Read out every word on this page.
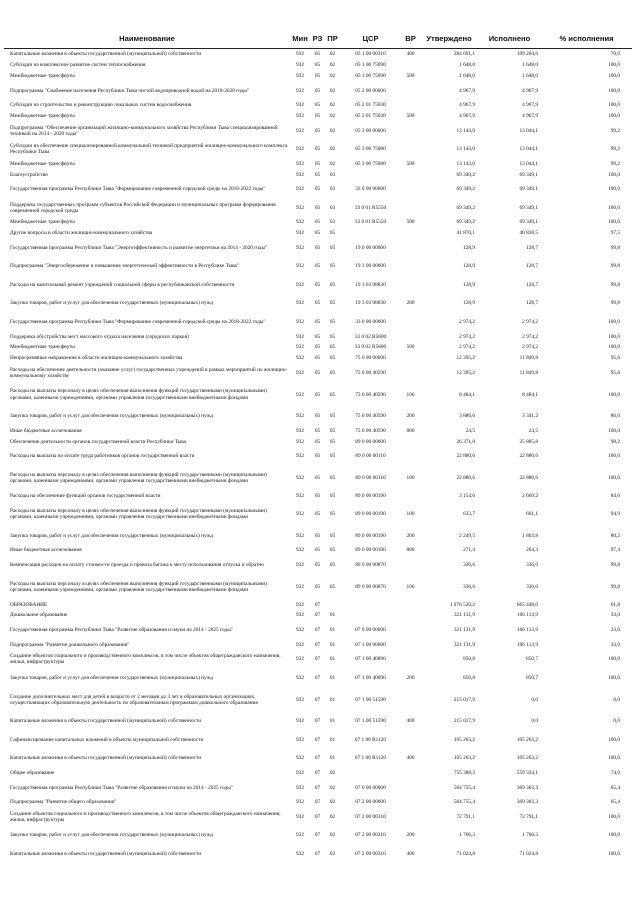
Наименование	Мин	РЗ	ПР	ЦСР	ВР	Утверждено	Исполнено	% исполнения
Капитальные вложения в объекты государственной (муниципальной) собственности	932	05	02	05 1 00 00310	400	284 691,1	199 204,6	70,0
Субсидии на комплексное развитие систем теплоснабжения	932	05	02	05 1 00 75090		1 648,0	1 648,0	100,0
Межбюджетные трансферты	932	05	02	05 1 00 75090	500	1 648,0	1 648,0	100,0
Подпрограмма "Снабжение населения Республики Тыва чистой водопроводной водой на 2018-2020 годы"	932	05	02	05 2 00 00000		4 967,9	4 967,9	100,0
Субсидии на строительство и реконструкцию локальных систем водоснабжения	932	05	02	05 2 01 75030		4 967,9	4 967,9	100,0
Межбюджетные трансферты	932	05	02	05 2 01 75030	500	4 967,9	4 967,9	100,0
Подпрограмма "Обеспечение организаций жилищно-коммунального хозяйства Республики Тыва специализированной техникой на 2014 - 2020 годы"	932	05	02	05 3 00 00000		13 143,0	13 044,1	99,2
Субсидии на обеспечение специализированной коммунальной техникой предприятий жилищно-коммунального комплекса Республики Тыва	932	05	02	05 3 00 75080		13 143,0	13 044,1	99,2
Межбюджетные трансферты	932	05	02	05 3 00 75080	500	13 143,0	13 044,1	99,2
Благоустройство	932	05	03			69 349,2	69 349,1	100,0
Государственная программа Республики Тыва "Формирование современной городской среды на 2018-2022 годы"	932	05	03	33 0 00 00000		69 349,2	69 349,1	100,0
Поддержка государственных программ субъектов Российской Федерации и муниципальных программ формирования современной городской среды	932	05	03	33 0 01 R5550		69 349,2	69 349,1	100,0
Межбюджетные трансферты	932	05	03	33 0 01 R5550	500	69 349,2	69 349,1	100,0
Другие вопросы в области жилищно-коммунального хозяйства	932	05	05			41 870,1	40 838,5	97,5
Государственная программа Республики Тыва "Энергоэффективность и развитие энергетики на 2014 - 2020 годы"	932	05	05	19 0 00 00000		128,9	128,7	99,8
Подпрограмма "Энергосбережение и повышение энергетической эффективности в Республике Тыва"	932	05	05	19 3 00 00000		128,9	128,7	99,8
Расходы на капитальный ремонт учреждений социальной сферы в республиканской собственности	932	05	05	19 3 03 08830		128,9	128,7	99,8
Закупка товаров, работ и услуг для обеспечения государственных (муниципальных) нужд	932	05	05	19 3 03 08830	200	128,9	128,7	99,8
Государственная программа Республики Тыва "Формирование современной городской среды на 2018-2022 годы"	932	05	05	33 0 00 00000		2 974,2	2 974,2	100,0
Поддержка обустройства мест массового отдыха населения (городских парков)	932	05	05	33 0 02 R5600		2 974,2	2 974,2	100,0
Межбюджетные трансферты	932	05	05	33 0 02 R5600	500	2 974,2	2 974,2	100,0
Непрограммные направления в области жилищно-коммунального хозяйства	932	05	05	75 0 00 00000		12 395,2	11 849,8	95,6
Расходы на обеспечение деятельности (оказание услуг) государственных учреждений в рамках мероприятий по жилищно-коммунальному хозяйству	932	05	05	75 0 00 40590		12 395,2	11 849,8	95,6
Расходы на выплаты персоналу в целях обеспечения выполнения функций государственными (муниципальными) органами, казенными учреждениями, органами управления государственными внебюджетными фондами	932	05	05	75 0 00 40590	100	8 484,1	8 484,1	100,0
Закупка товаров, работ и услуг для обеспечения государственных (муниципальных) нужд	932	05	05	75 0 00 40590	200	3 886,6	3 341,2	86,0
Иные бюджетные ассигнования	932	05	05	75 0 00 40590	800	24,5	24,5	100,0
Обеспечение деятельности органов государственной власти Республики Тыва	932	05	05	89 0 00 00000		26 371,8	25 885,8	98,2
Расходы на выплаты по оплате труда работников органов государственной власти	932	05	05	89 0 00 00110		22 880,6	22 880,6	100,0
Расходы на выплаты персоналу в целях обеспечения выполнения функций государственными (муниципальными) органами, казенными учреждениями, органами управления государственными внебюджетными фондами	932	05	05	89 0 00 00110	100	22 880,6	22 880,6	100,0
Расходы на обеспечение функций органов государственной власти	932	05	05	89 0 00 00190		3 154,6	2 669,2	84,6
Расходы на выплаты персоналу в целях обеспечения выполнения функций государственными (муниципальными) органами, казенными учреждениями, органами управления государственными внебюджетными фондами	932	05	05	89 0 00 00190	100	633,7	601,1	94,9
Закупка товаров, работ и услуг для обеспечения государственных (муниципальных) нужд	932	05	05	89 0 00 00190	200	2 249,5	1 803,8	80,2
Иные бюджетные ассигнования	932	05	05	89 0 00 00190	800	271,4	264,3	97,4
Компенсация расходов на оплату стоимости проезда и провоза багажа к месту использования отпуска и обратно	932	05	05	89 0 00 00870		336,6	336,0	99,8
Расходы на выплаты персоналу в целях обеспечения выполнения функций государственными (муниципальными) органами, казенными учреждениями, органами управления государственными внебюджетными фондами	932	05	05	89 0 00 00870	100	336,6	336,0	99,8
ОБРАЗОВАНИЕ	932	07				1 076 520,2	665 448,0	61,8
Дошкольное образование	932	07	01			321 131,9	106 113,9	33,0
Государственная программа Республики Тыва "Развитие образования и науки на 2014 - 2025 годы"	932	07	01	07 0 00 00000		321 131,9	106 113,9	33,0
Подпрограмма "Развитие дошкольного образования"	932	07	01	07 1 00 00000		321 131,9	106 113,9	33,0
Создание объектов социального и производственного комплексов, в том числе объектов общегражданского назначения, жилья, инфраструктуры	932	07	01	07 1 00 40090		850,8	850,7	100,0
Закупка товаров, работ и услуг для обеспечения государственных (муниципальных) нужд	932	07	01	07 1 00 40090	200	850,8	850,7	100,0
Создание дополнительных мест для детей в возрасте от 2 месяцев до 3 лет в образовательных организациях, осуществляющих образовательную деятельность по образовательным программам дошкольного образования	932	07	01	07 1 00 51590		215 017,9	0,0	0,0
Капитальные вложения в объекты государственной (муниципальной) собственности	932	07	01	07 1 00 51590	400	215 017,9	0,0	0,0
Софинансирование капитальных вложений в объекты муниципальной собственности	932	07	01	07 1 00 R1120		105 263,2	105 263,2	100,0
Капитальные вложения в объекты государственной (муниципальной) собственности	932	07	01	07 1 00 R1120	400	105 263,2	105 263,2	100,0
Общее образование	932	07	02			755 388,3	559 334,1	74,0
Государственная программа Республики Тыва "Развитие образования и науки на 2014 - 2025 годы"	932	07	02	07 0 00 00000		564 755,4	369 303,3	65,4
Подпрограмма "Развитие общего образования"	932	07	02	07 2 00 00000		564 755,4	369 303,3	65,4
Создание объектов социального и производственного комплексов, в том числе объектов общегражданского назначения, жилья, инфраструктуры	932	07	02	07 2 00 00310		72 791,1	72 791,1	100,0
Закупка товаров, работ и услуг для обеспечения государственных (муниципальных) нужд	932	07	02	07 2 00 00310	200	1 766,3	1 766,3	100,0
Капитальные вложения в объекты государственной (муниципальной) собственности	932	07	02	07 2 00 00310	400	71 024,8	71 024,8	100,0
